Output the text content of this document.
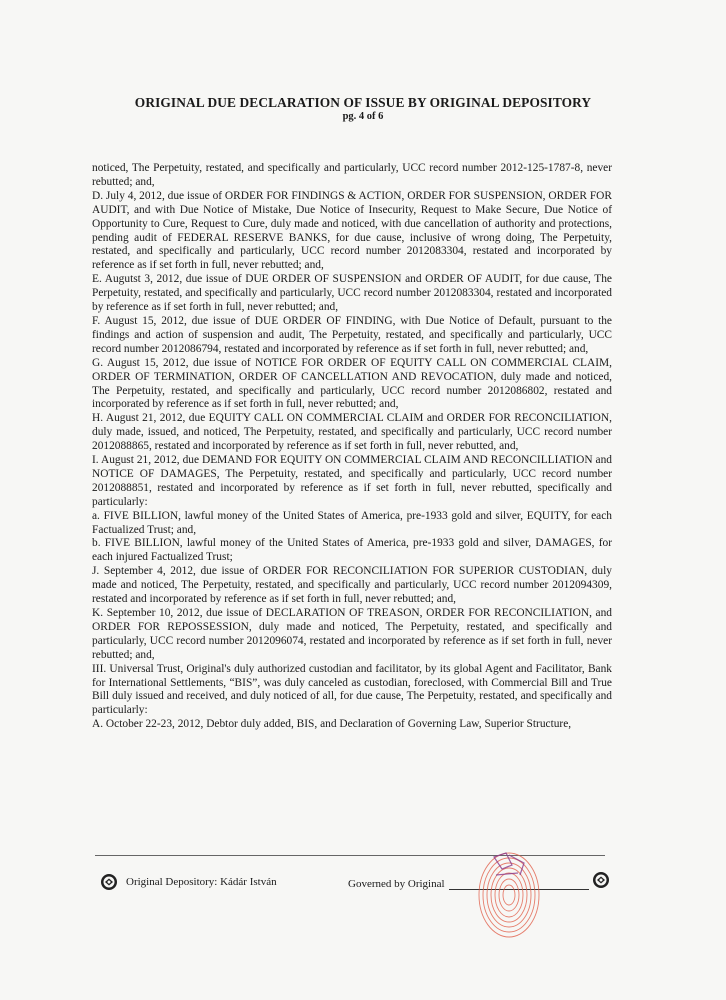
ORIGINAL DUE DECLARATION OF ISSUE BY ORIGINAL DEPOSITORY
pg. 4 of 6

noticed, The Perpetuity, restated, and specifically and particularly, UCC record number 2012-125-1787-8, never rebutted; and,

D. July 4, 2012, due issue of ORDER FOR FINDINGS & ACTION, ORDER FOR SUSPENSION, ORDER FOR AUDIT, and with Due Notice of Mistake, Due Notice of Insecurity, Request to Make Secure, Due Notice of Opportunity to Cure, Request to Cure, duly made and noticed, with due cancellation of authority and protections, pending audit of FEDERAL RESERVE BANKS, for due cause, inclusive of wrong doing, The Perpetuity, restated, and specifically and particularly, UCC record number 2012083304, restated and incorporated by reference as if set forth in full, never rebutted; and,

E. Augutst 3, 2012, due issue of DUE ORDER OF SUSPENSION and ORDER OF AUDIT, for due cause, The Perpetuity, restated, and specifically and particularly, UCC record number 2012083304, restated and incorporated by reference as if set forth in full, never rebutted; and,

F. August 15, 2012, due issue of DUE ORDER OF FINDING, with Due Notice of Default, pursuant to the findings and action of suspension and audit, The Perpetuity, restated, and specifically and particularly, UCC record number 2012086794, restated and incorporated by reference as if set forth in full, never rebutted; and,

G. August 15, 2012, due issue of NOTICE FOR ORDER OF EQUITY CALL ON COMMERCIAL CLAIM, ORDER OF TERMINATION, ORDER OF CANCELLATION AND REVOCATION, duly made and noticed, The Perpetuity, restated, and specifically and particularly, UCC record number 2012086802, restated and incorporated by reference as if set forth in full, never rebutted; and,

H. August 21, 2012, due EQUITY CALL ON COMMERCIAL CLAIM and ORDER FOR RECONCILIATION, duly made, issued, and noticed, The Perpetuity, restated, and specifically and particularly, UCC record number 2012088865, restated and incorporated by reference as if set forth in full, never rebutted, and,

I. August 21, 2012, due DEMAND FOR EQUITY ON COMMERCIAL CLAIM AND RECONCILLIATION and NOTICE OF DAMAGES, The Perpetuity, restated, and specifically and particularly, UCC record number 2012088851, restated and incorporated by reference as if set forth in full, never rebutted, specifically and particularly:

a. FIVE BILLION, lawful money of the United States of America, pre-1933 gold and silver, EQUITY, for each Factualized Trust; and,

b. FIVE BILLION, lawful money of the United States of America, pre-1933 gold and silver, DAMAGES, for each injured Factualized Trust;

J. September 4, 2012, due issue of ORDER FOR RECONCILIATION FOR SUPERIOR CUSTODIAN, duly made and noticed, The Perpetuity, restated, and specifically and particularly, UCC record number 2012094309, restated and incorporated by reference as if set forth in full, never rebutted; and,

K. September 10, 2012, due issue of DECLARATION OF TREASON, ORDER FOR RECONCILIATION, and ORDER FOR REPOSSESSION, duly made and noticed, The Perpetuity, restated, and specifically and particularly, UCC record number 2012096074, restated and incorporated by reference as if set forth in full, never rebutted; and,

III. Universal Trust, Original's duly authorized custodian and facilitator, by its global Agent and Facilitator, Bank for International Settlements, “BIS”, was duly canceled as custodian, foreclosed, with Commercial Bill and True Bill duly issued and received, and duly noticed of all, for due cause, The Perpetuity, restated, and specifically and particularly:

A. October 22-23, 2012, Debtor duly added, BIS, and Declaration of Governing Law, Superior Structure,

Original Depository: Kádár István	Governed by Original
